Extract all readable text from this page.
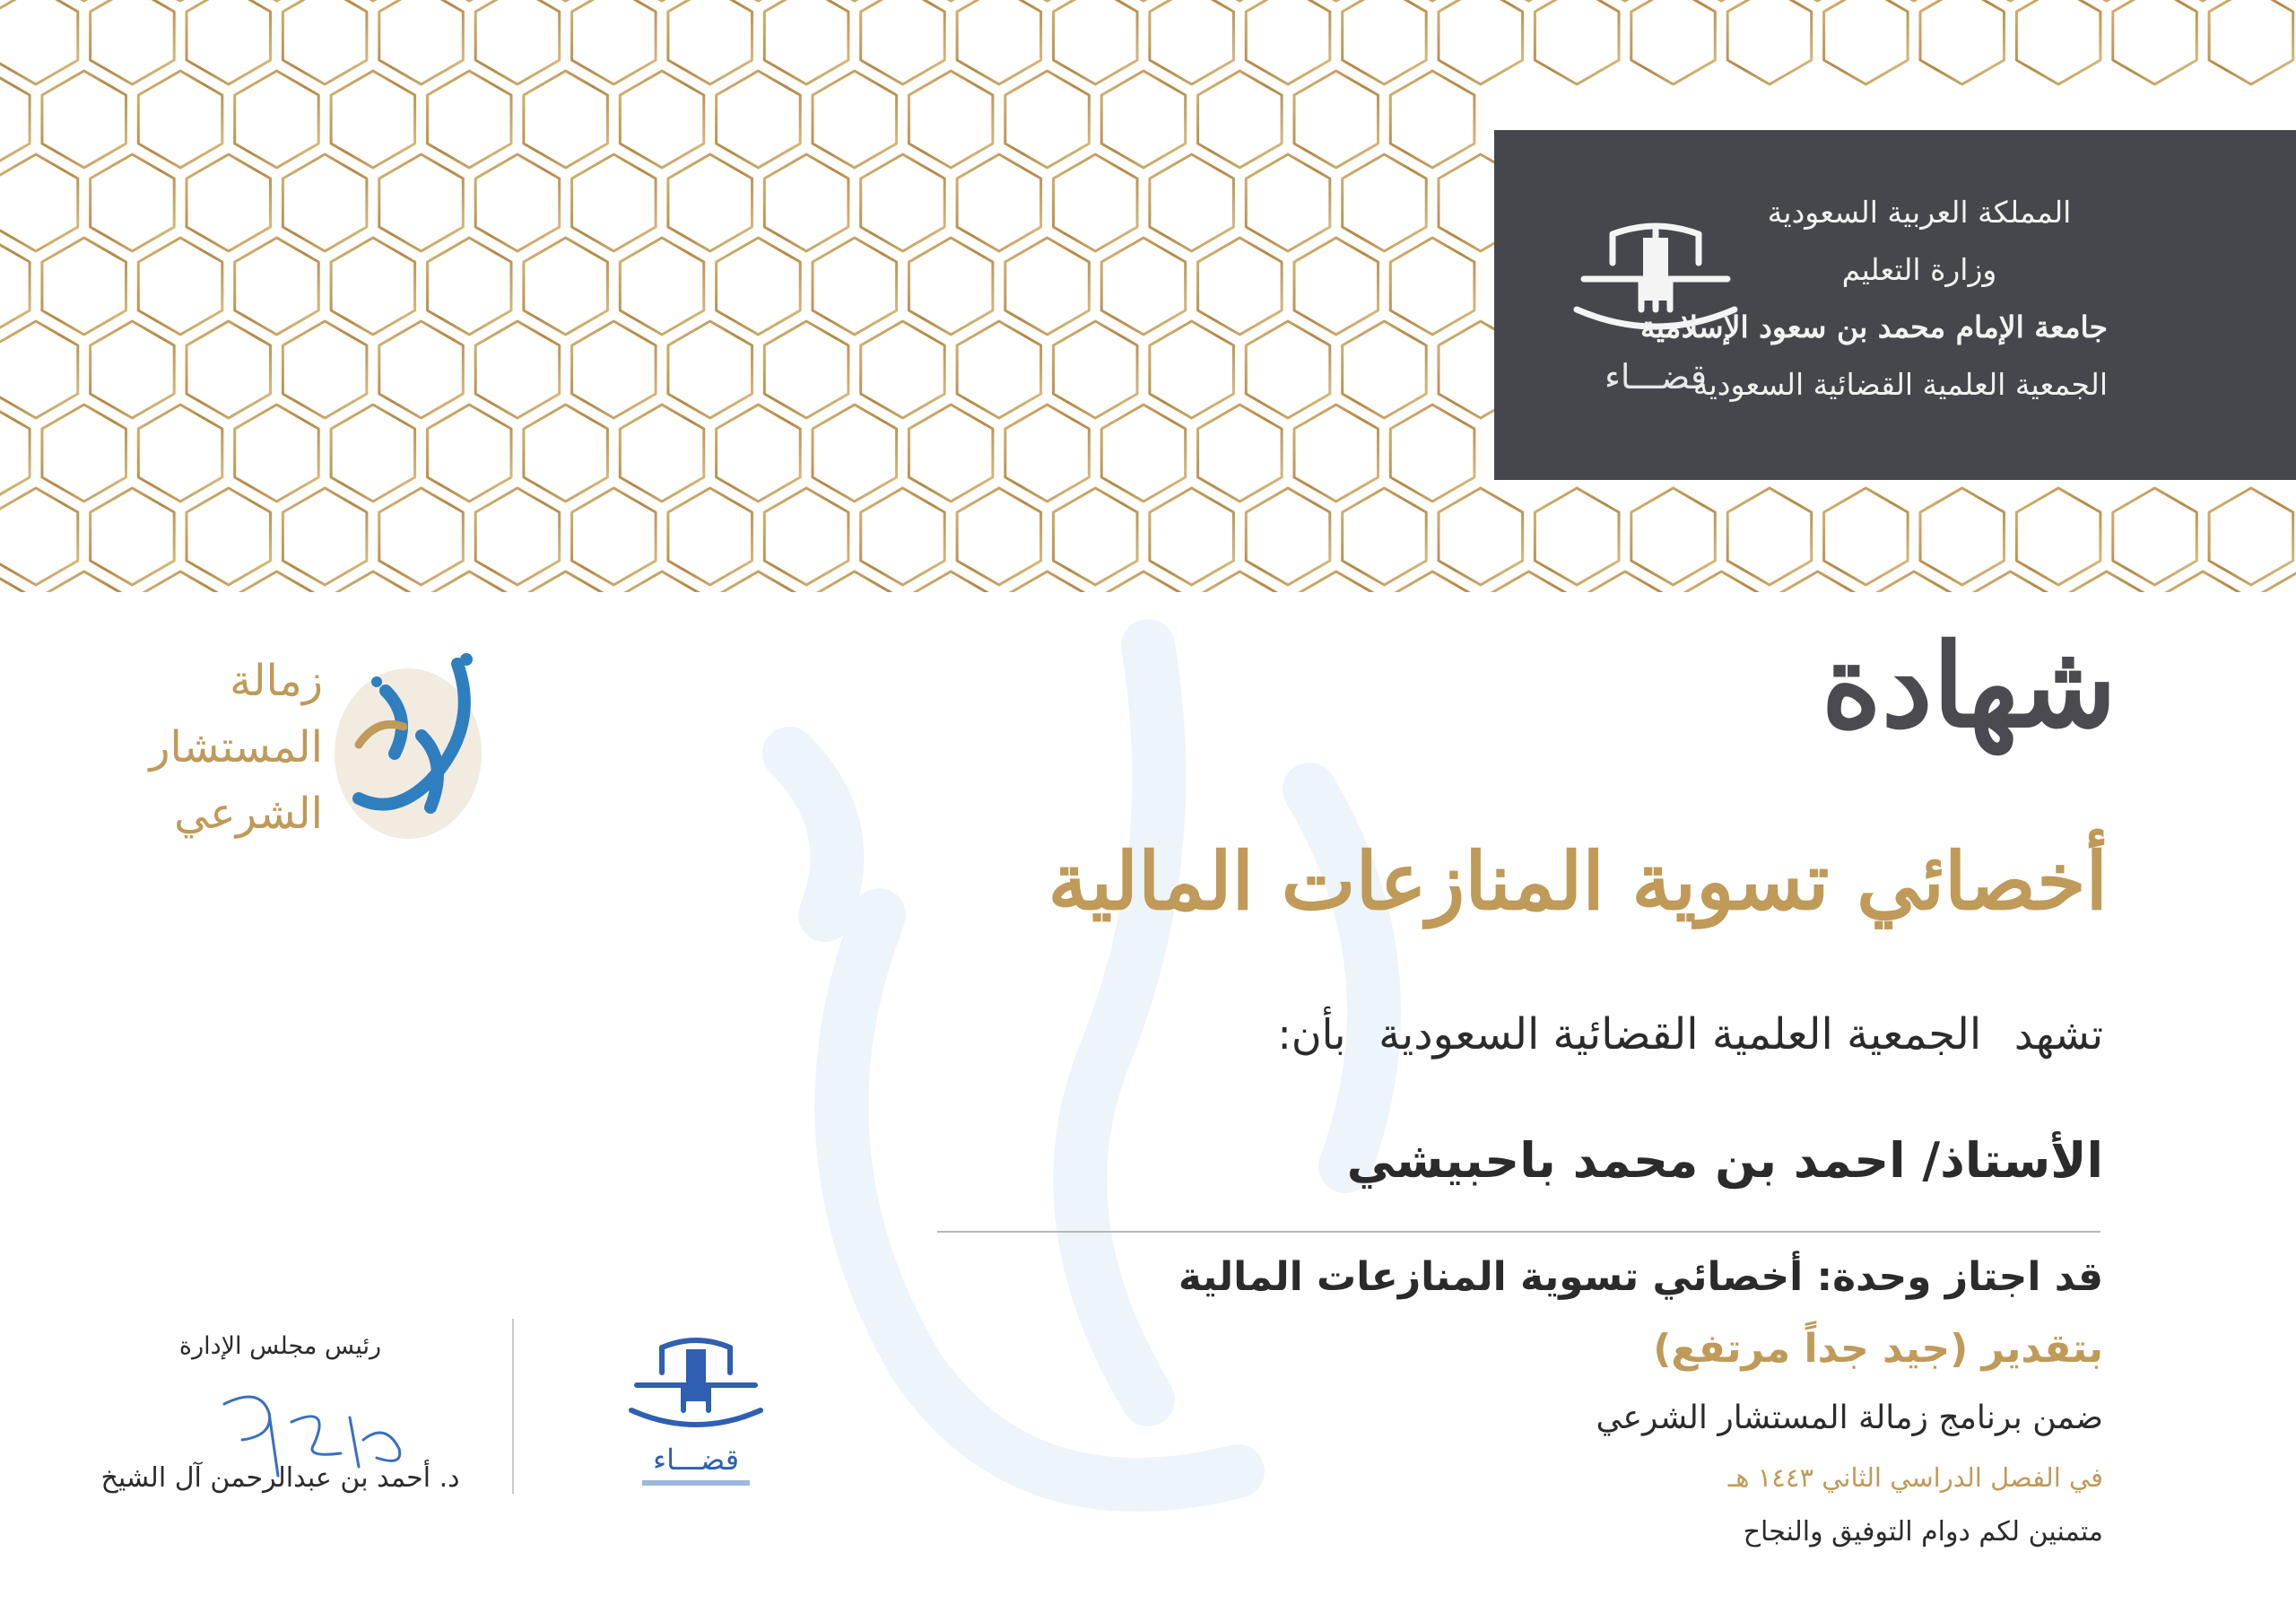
قضـــاء
المملكة العربية السعودية
وزارة التعليم
جامعة الإمام محمد بن سعود الإسلامية
الجمعية العلمية القضائية السعودية
زمالة
المستشار
الشرعي
شهادة
أخصائي تسوية المنازعات المالية
تشهد الجمعية العلمية القضائية السعودية بأن:
الأستاذ/ احمد بن محمد باحبيشي
قد اجتاز وحدة: أخصائي تسوية المنازعات المالية
بتقدير (جيد جداً مرتفع)
ضمن برنامج زمالة المستشار الشرعي
في الفصل الدراسي الثاني ١٤٤٣ هـ
متمنين لكم دوام التوفيق والنجاح
قضـــاء
رئيس مجلس الإدارة
د. أحمد بن عبدالرحمن آل الشيخ
